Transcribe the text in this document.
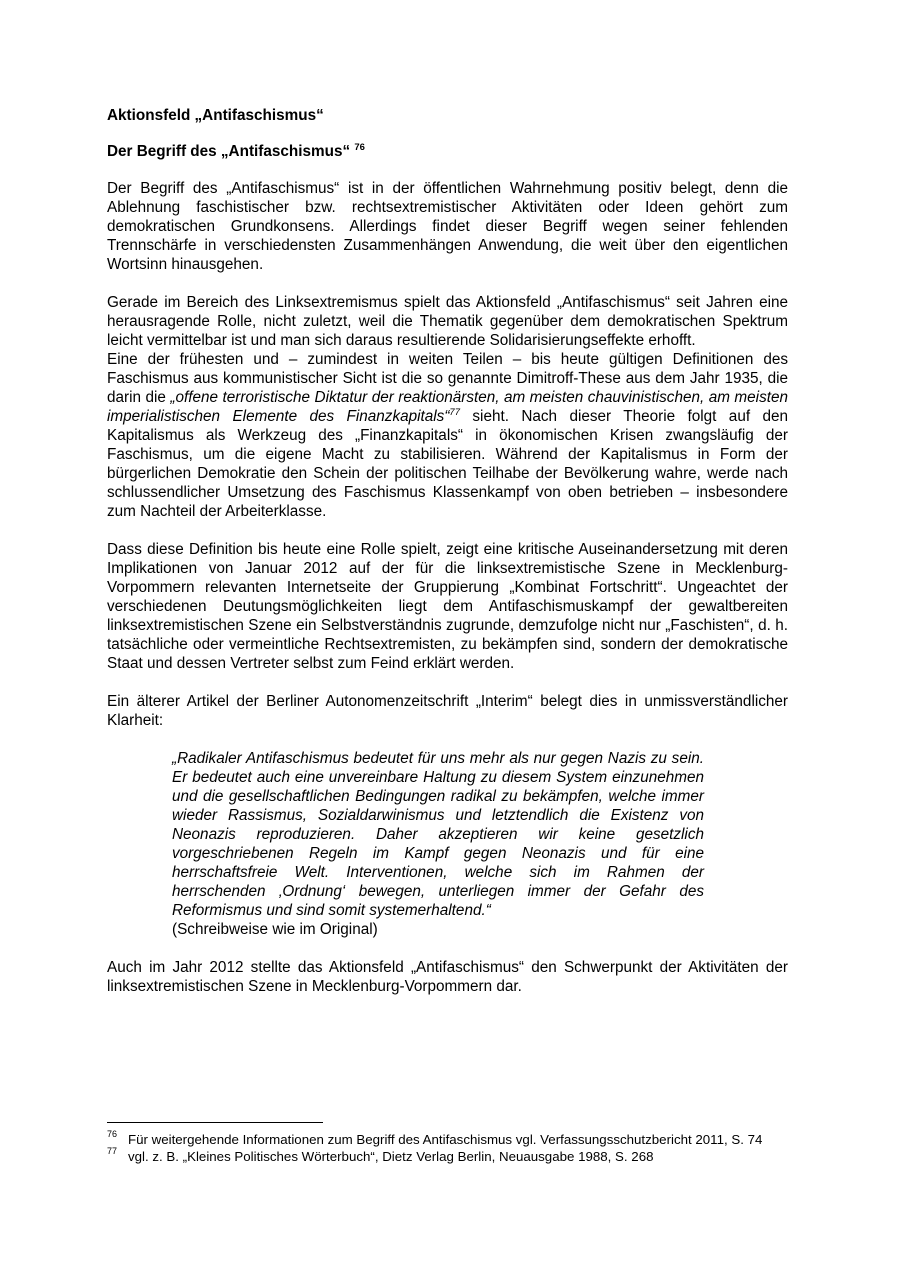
Aktionsfeld „Antifaschismus“
Der Begriff des „Antifaschismus“ $^{76}$

Der Begriff des „Antifaschismus“ ist in der öffentlichen Wahrnehmung positiv belegt, denn die Ablehnung faschistischer bzw. rechtsextremistischer Aktivitäten oder Ideen gehört zum demokratischen Grundkonsens. Allerdings findet dieser Begriff wegen seiner fehlenden Trennschärfe in verschiedensten Zusammenhängen Anwendung, die weit über den eigentlichen Wortsinn hinausgehen.

Gerade im Bereich des Linksextremismus spielt das Aktionsfeld „Antifaschismus“ seit Jahren eine herausragende Rolle, nicht zuletzt, weil die Thematik gegenüber dem demokratischen Spektrum leicht vermittelbar ist und man sich daraus resultierende Solidarisierungseffekte erhofft.

Eine der frühesten und – zumindest in weiten Teilen – bis heute gültigen Definitionen des Faschismus aus kommunistischer Sicht ist die so genannte Dimitroff-These aus dem Jahr 1935, die darin die „offene terroristische Diktatur der reaktionärsten, am meisten chauvinistischen, am meisten imperialistischen Elemente des Finanzkapitals“$^{77}$ sieht. Nach dieser Theorie folgt auf den Kapitalismus als Werkzeug des „Finanzkapitals“ in ökonomischen Krisen zwangsläufig der Faschismus, um die eigene Macht zu stabilisieren. Während der Kapitalismus in Form der bürgerlichen Demokratie den Schein der politischen Teilhabe der Bevölkerung wahre, werde nach schlussendlicher Umsetzung des Faschismus Klassenkampf von oben betrieben – insbesondere zum Nachteil der Arbeiterklasse.

Dass diese Definition bis heute eine Rolle spielt, zeigt eine kritische Auseinandersetzung mit deren Implikationen von Januar 2012 auf der für die linksextremistische Szene in Mecklenburg-Vorpommern relevanten Internetseite der Gruppierung „Kombinat Fortschritt“. Ungeachtet der verschiedenen Deutungsmöglichkeiten liegt dem Antifaschismuskampf der gewaltbereiten linksextremistischen Szene ein Selbstverständnis zugrunde, demzufolge nicht nur „Faschisten“, d. h. tatsächliche oder vermeintliche Rechtsextremisten, zu bekämpfen sind, sondern der demokratische Staat und dessen Vertreter selbst zum Feind erklärt werden.

Ein älterer Artikel der Berliner Autonomenzeitschrift „Interim“ belegt dies in unmissverständlicher Klarheit:

„Radikaler Antifaschismus bedeutet für uns mehr als nur gegen Nazis zu sein. Er bedeutet auch eine unvereinbare Haltung zu diesem System einzunehmen und die gesellschaftlichen Bedingungen radikal zu bekämpfen, welche immer wieder Rassismus, Sozialdarwinismus und letztendlich die Existenz von Neonazis reproduzieren. Daher akzeptieren wir keine gesetzlich vorgeschriebenen Regeln im Kampf gegen Neonazis und für eine herrschaftsfreie Welt. Interventionen, welche sich im Rahmen der herrschenden ‚Ordnung‘ bewegen, unterliegen immer der Gefahr des Reformismus und sind somit systemerhaltend.“
(Schreibweise wie im Original)

Auch im Jahr 2012 stellte das Aktionsfeld „Antifaschismus“ den Schwerpunkt der Aktivitäten der linksextremistischen Szene in Mecklenburg-Vorpommern dar.

76 Für weitergehende Informationen zum Begriff des Antifaschismus vgl. Verfassungsschutzbericht 2011, S. 74
77 vgl. z. B. „Kleines Politisches Wörterbuch“, Dietz Verlag Berlin, Neuausgabe 1988, S. 268
